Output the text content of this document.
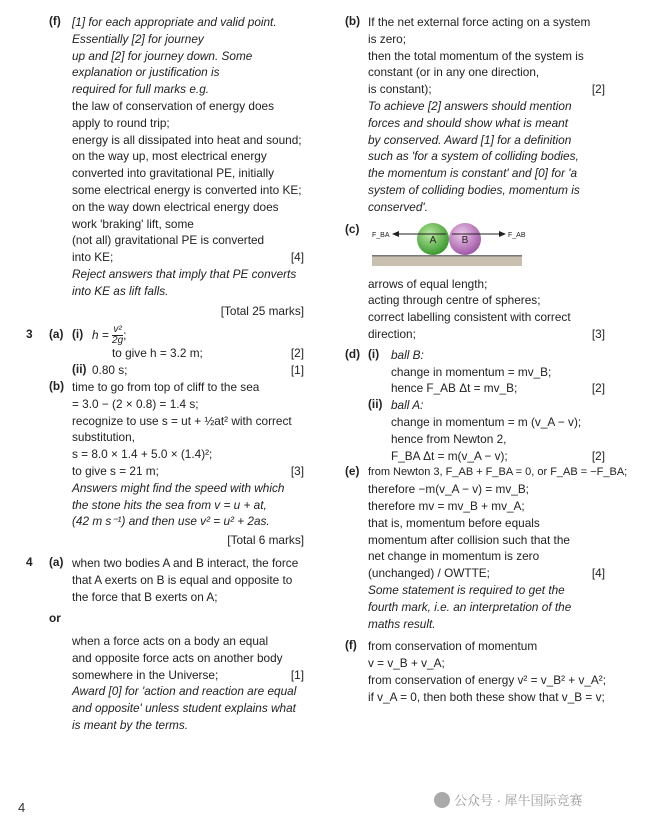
(f) [1] for each appropriate and valid point.
Essentially [2] for journey
up and [2] for journey down. Some
explanation or justification is
required for full marks e.g.
the law of conservation of energy does
apply to round trip;
energy is all dissipated into heat and sound;
on the way up, most electrical energy
converted into gravitational PE, initially
some electrical energy is converted into KE;
on the way down electrical energy does
work 'braking' lift, some
(not all) gravitational PE is converted
into KE;	[4]
Reject answers that imply that PE converts
into KE as lift falls.
[Total 25 marks]
3 (a) (i) $h = \frac{\text{v²}}{2g}$ ;
to give h = 3.2 m;	[2]
(ii) 0.80 s;	[1]
(b) time to go from top of cliff to the sea
= 3.0 − (2 × 0.8) = 1.4 s;
recognize to use s = ut + ½at² with correct
substitution,
s = 8.0 × 1.4 + 5.0 × (1.4)²;
to give s = 21 m;	[3]
Answers might find the speed with which
the stone hits the sea from v = u + at,
(42 m s⁻¹) and then use v² = u² + 2as.
[Total 6 marks]
4 (a) when two bodies A and B interact, the force
that A exerts on B is equal and opposite to
the force that B exerts on A;
or
when a force acts on a body an equal
and opposite force acts on another body
somewhere in the Universe;	[1]
Award [0] for 'action and reaction are equal
and opposite' unless student explains what
is meant by the terms.
(b) If the net external force acting on a system
is zero;
then the total momentum of the system is
constant (or in any one direction,
is constant);	[2]
To achieve [2] answers should mention
forces and should show what is meant
by conserved. Award [1] for a definition
such as 'for a system of colliding bodies,
the momentum is constant' and [0] for 'a
system of colliding bodies, momentum is
conserved'.
(c)
A	B
F_BA	F_AB
arrows of equal length;
acting through centre of spheres;
correct labelling consistent with correct
direction;	[3]
(d) (i) ball B:
change in momentum = mv_B;
hence F_AB Δt = mv_B;	[2]
(ii) ball A:
change in momentum = m (v_A − v);
hence from Newton 2,
F_BA Δt = m(v_A − v);	[2]
(e) from Newton 3, F_AB + F_BA = 0, or F_AB = −F_BA;
therefore −m(v_A − v) = mv_B;
therefore mv = mv_B + mv_A;
that is, momentum before equals
momentum after collision such that the
net change in momentum is zero
(unchanged) / OWTTE;	[4]
Some statement is required to get the
fourth mark, i.e. an interpretation of the
maths result.
(f) from conservation of momentum
v = v_B + v_A;
from conservation of energy v² = v_B² + v_A²;
if v_A = 0, then both these show that v_B = v;
4	公众号 · 犀牛国际竞赛
